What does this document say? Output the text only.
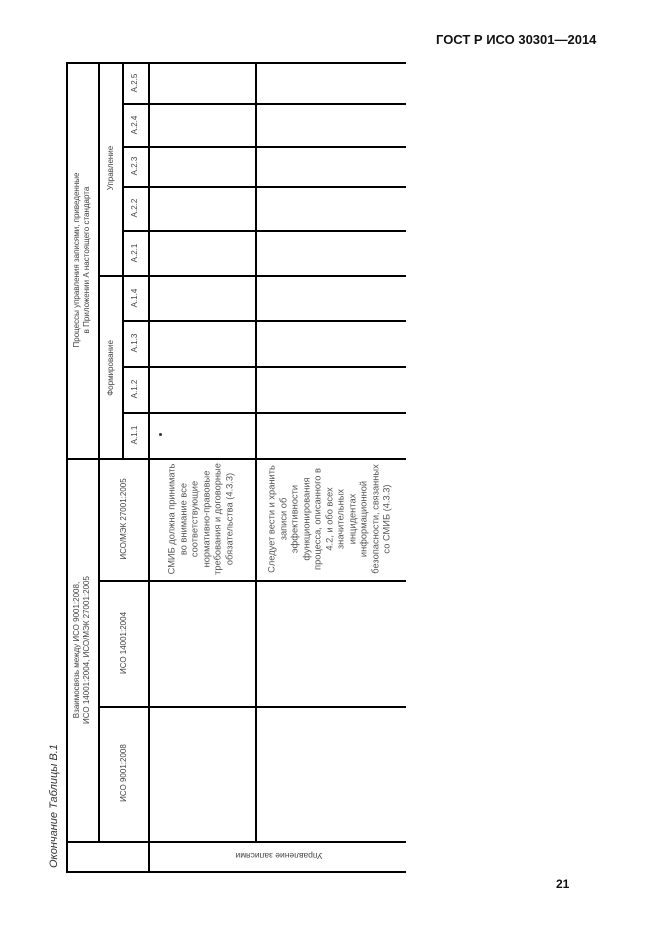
ГОСТ Р ИСО 30301—2014
Окончание Таблицы В.1
Процессы управления записями, приведенные в Приложении А настоящего стандарта
Формирование
Управление
А.1.1
А.1.2
А.1.3
А.1.4
А.2.1
А.2.2
А.2.3
А.2.4
А.2.5
Взаимосвязь между ИСО 9001:2008, ИСО 14001:2004, ИСО/МЭК 27001:2005
ИСО/МЭК 27001:2005
ИСО 14001:2004
ИСО 9001:2008
СМИБ должна принимать во внимание все соответствующие нормативно-правовые требования и договорные обязательства (4.3.3)	Следует вести и хранить записи об эффективности функционирования процесса, описанного в 4.2, и обо всех значительных инцидентах информационной безопасности, связанных со СМИБ (4.3.3)
Управление записями
21
